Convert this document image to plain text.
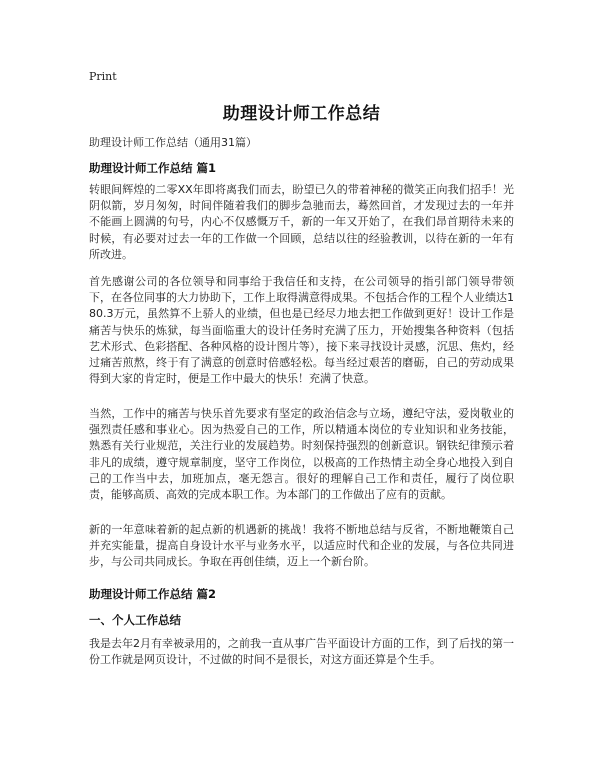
Print
助理设计师工作总结
助理设计师工作总结（通用31篇）
助理设计师工作总结 篇1

转眼间辉煌的二零XX年即将离我们而去，盼望已久的带着神秘的微笑正向我们招手！光阴似箭，岁月匆匆，时间伴随着我们的脚步急驰而去，蓦然回首，才发现过去的一年并不能画上圆满的句号，内心不仅感慨万千，新的一年又开始了，在我们昂首期待未来的时候，有必要对过去一年的工作做一个回顾，总结以往的经验教训，以待在新的一年有所改进。

首先感谢公司的各位领导和同事给于我信任和支持，在公司领导的指引部门领导带领下，在各位同事的大力协助下，工作上取得满意得成果。不包括合作的工程个人业绩达180.3万元，虽然算不上骄人的业绩，但也是已经尽力地去把工作做到更好！设计工作是痛苦与快乐的炼狱，每当面临重大的设计任务时充满了压力，开始搜集各种资料（包括艺术形式、色彩搭配、各种风格的设计图片等），接下来寻找设计灵感，沉思、焦灼，经过痛苦煎熬，终于有了满意的创意时倍感轻松。每当经过艰苦的磨砺，自己的劳动成果得到大家的肯定时，便是工作中最大的快乐！充满了快意。

当然，工作中的痛苦与快乐首先要求有坚定的政治信念与立场，遵纪守法，爱岗敬业的强烈责任感和事业心。因为热爱自己的工作，所以精通本岗位的专业知识和业务技能，熟悉有关行业规范，关注行业的发展趋势。时刻保持强烈的创新意识。钢铁纪律预示着非凡的成绩，遵守规章制度，坚守工作岗位，以极高的工作热情主动全身心地投入到自己的工作当中去，加班加点，毫无怨言。很好的理解自己工作和责任，履行了岗位职责，能够高质、高效的完成本职工作。为本部门的工作做出了应有的贡献。

新的一年意味着新的起点新的机遇新的挑战！我将不断地总结与反省，不断地鞭策自己并充实能量，提高自身设计水平与业务水平，以适应时代和企业的发展，与各位共同进步，与公司共同成长。争取在再创佳绩，迈上一个新台阶。

助理设计师工作总结 篇2
一、个人工作总结

我是去年2月有幸被录用的，之前我一直从事广告平面设计方面的工作，到了后找的第一份工作就是网页设计，不过做的时间不是很长，对这方面还算是个生手。
